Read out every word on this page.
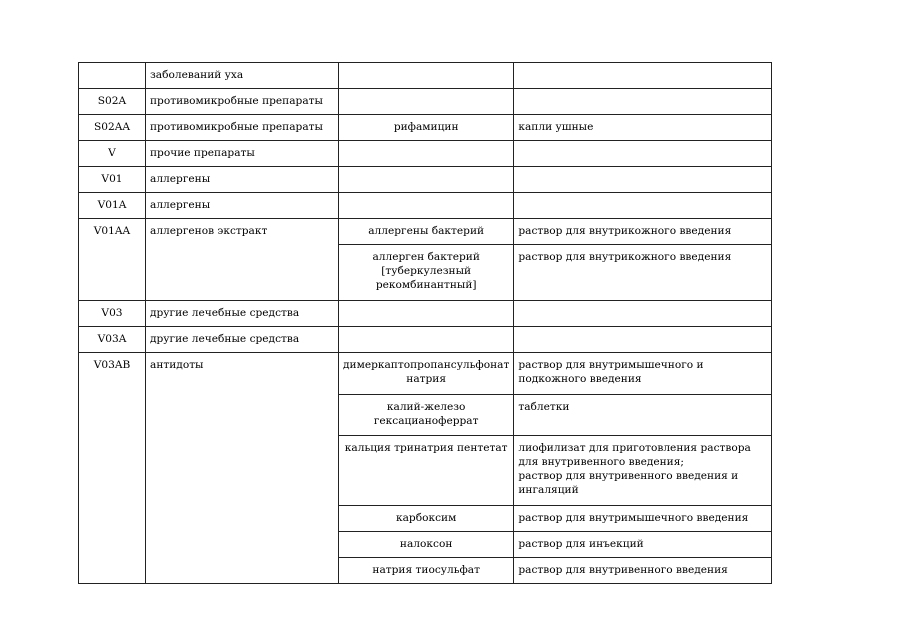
	заболеваний уха		
S02A	противомикробные препараты		
S02AA	противомикробные препараты	рифамицин	капли ушные

V	прочие препараты		
V01	аллергены		
V01A	аллергены		
V01AA	аллергенов экстракт	аллергены бактерий	раствор для внутрикожного введения

		аллерген бактерий [туберкулезный рекомбинантный]	раствор для внутрикожного введения

V03	другие лечебные средства		
V03A	другие лечебные средства		
V03AB	антидоты	димеркаптопропансульфонат натрия	раствор для внутримышечного и подкожного введения

		калий-железо гексацианоферрат	таблетки

		кальция тринатрия пентетат	лиофилизат для приготовления раствора для внутривенного введения;
раствор для внутривенного введения и ингаляций

		карбоксим	раствор для внутримышечного введения

		налоксон	раствор для инъекций

		натрия тиосульфат	раствор для внутривенного введения
